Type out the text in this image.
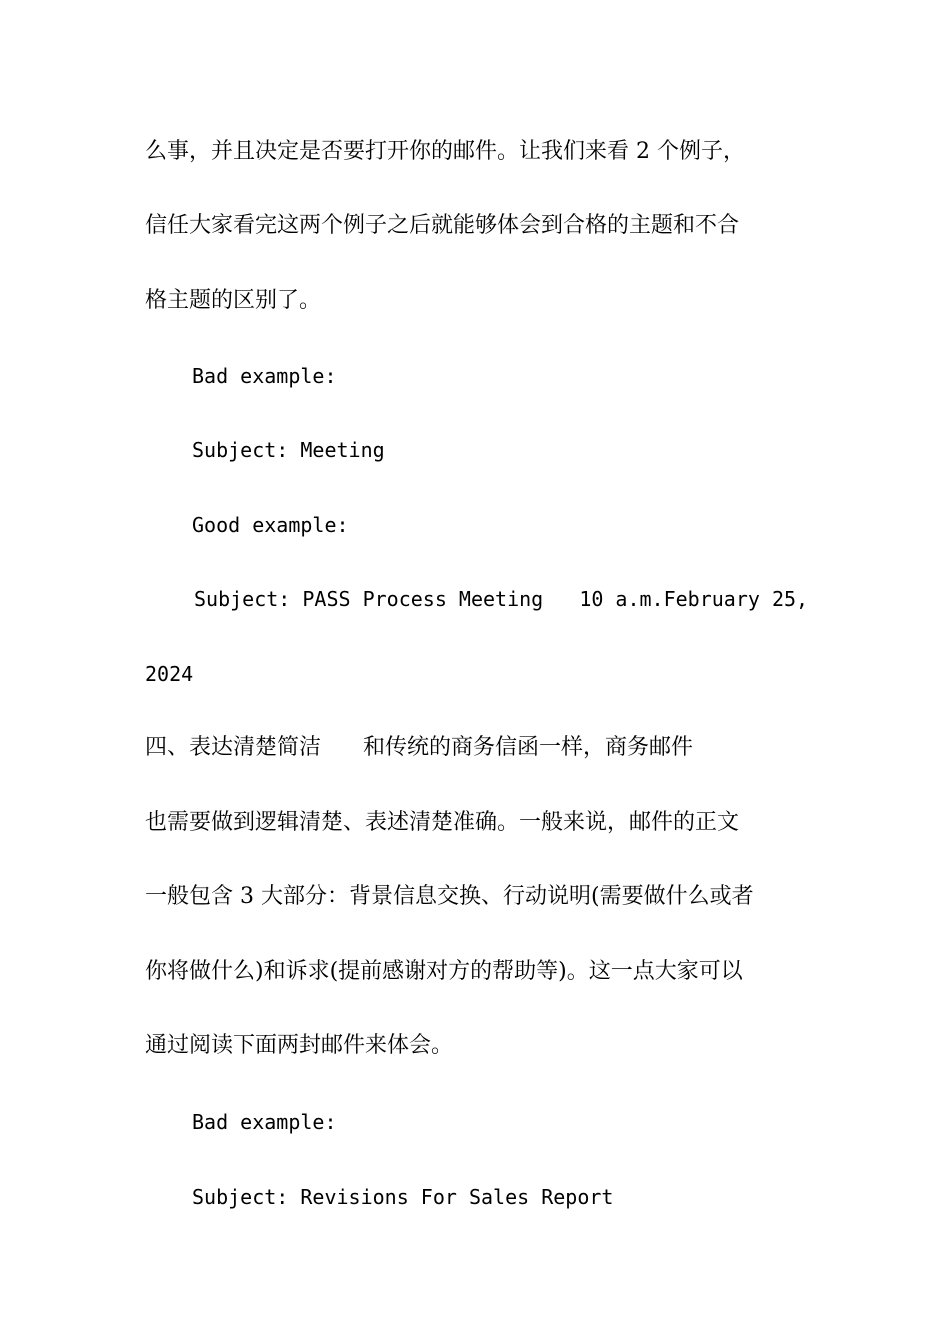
么事，并且决定是否要打开你的邮件。让我们来看 2 个例子，
信任大家看完这两个例子之后就能够体会到合格的主题和不合
格主题的区别了。
Bad example:
Subject: Meeting
Good example:
Subject: PASS Process Meeting   10 a.m.February 25,
2024
四、表达清楚简洁      和传统的商务信函一样，商务邮件
也需要做到逻辑清楚、表述清楚准确。一般来说，邮件的正文
一般包含 3 大部分：背景信息交换、行动说明(需要做什么或者
你将做什么)和诉求(提前感谢对方的帮助等)。这一点大家可以
通过阅读下面两封邮件来体会。
Bad example:
Subject: Revisions For Sales Report
